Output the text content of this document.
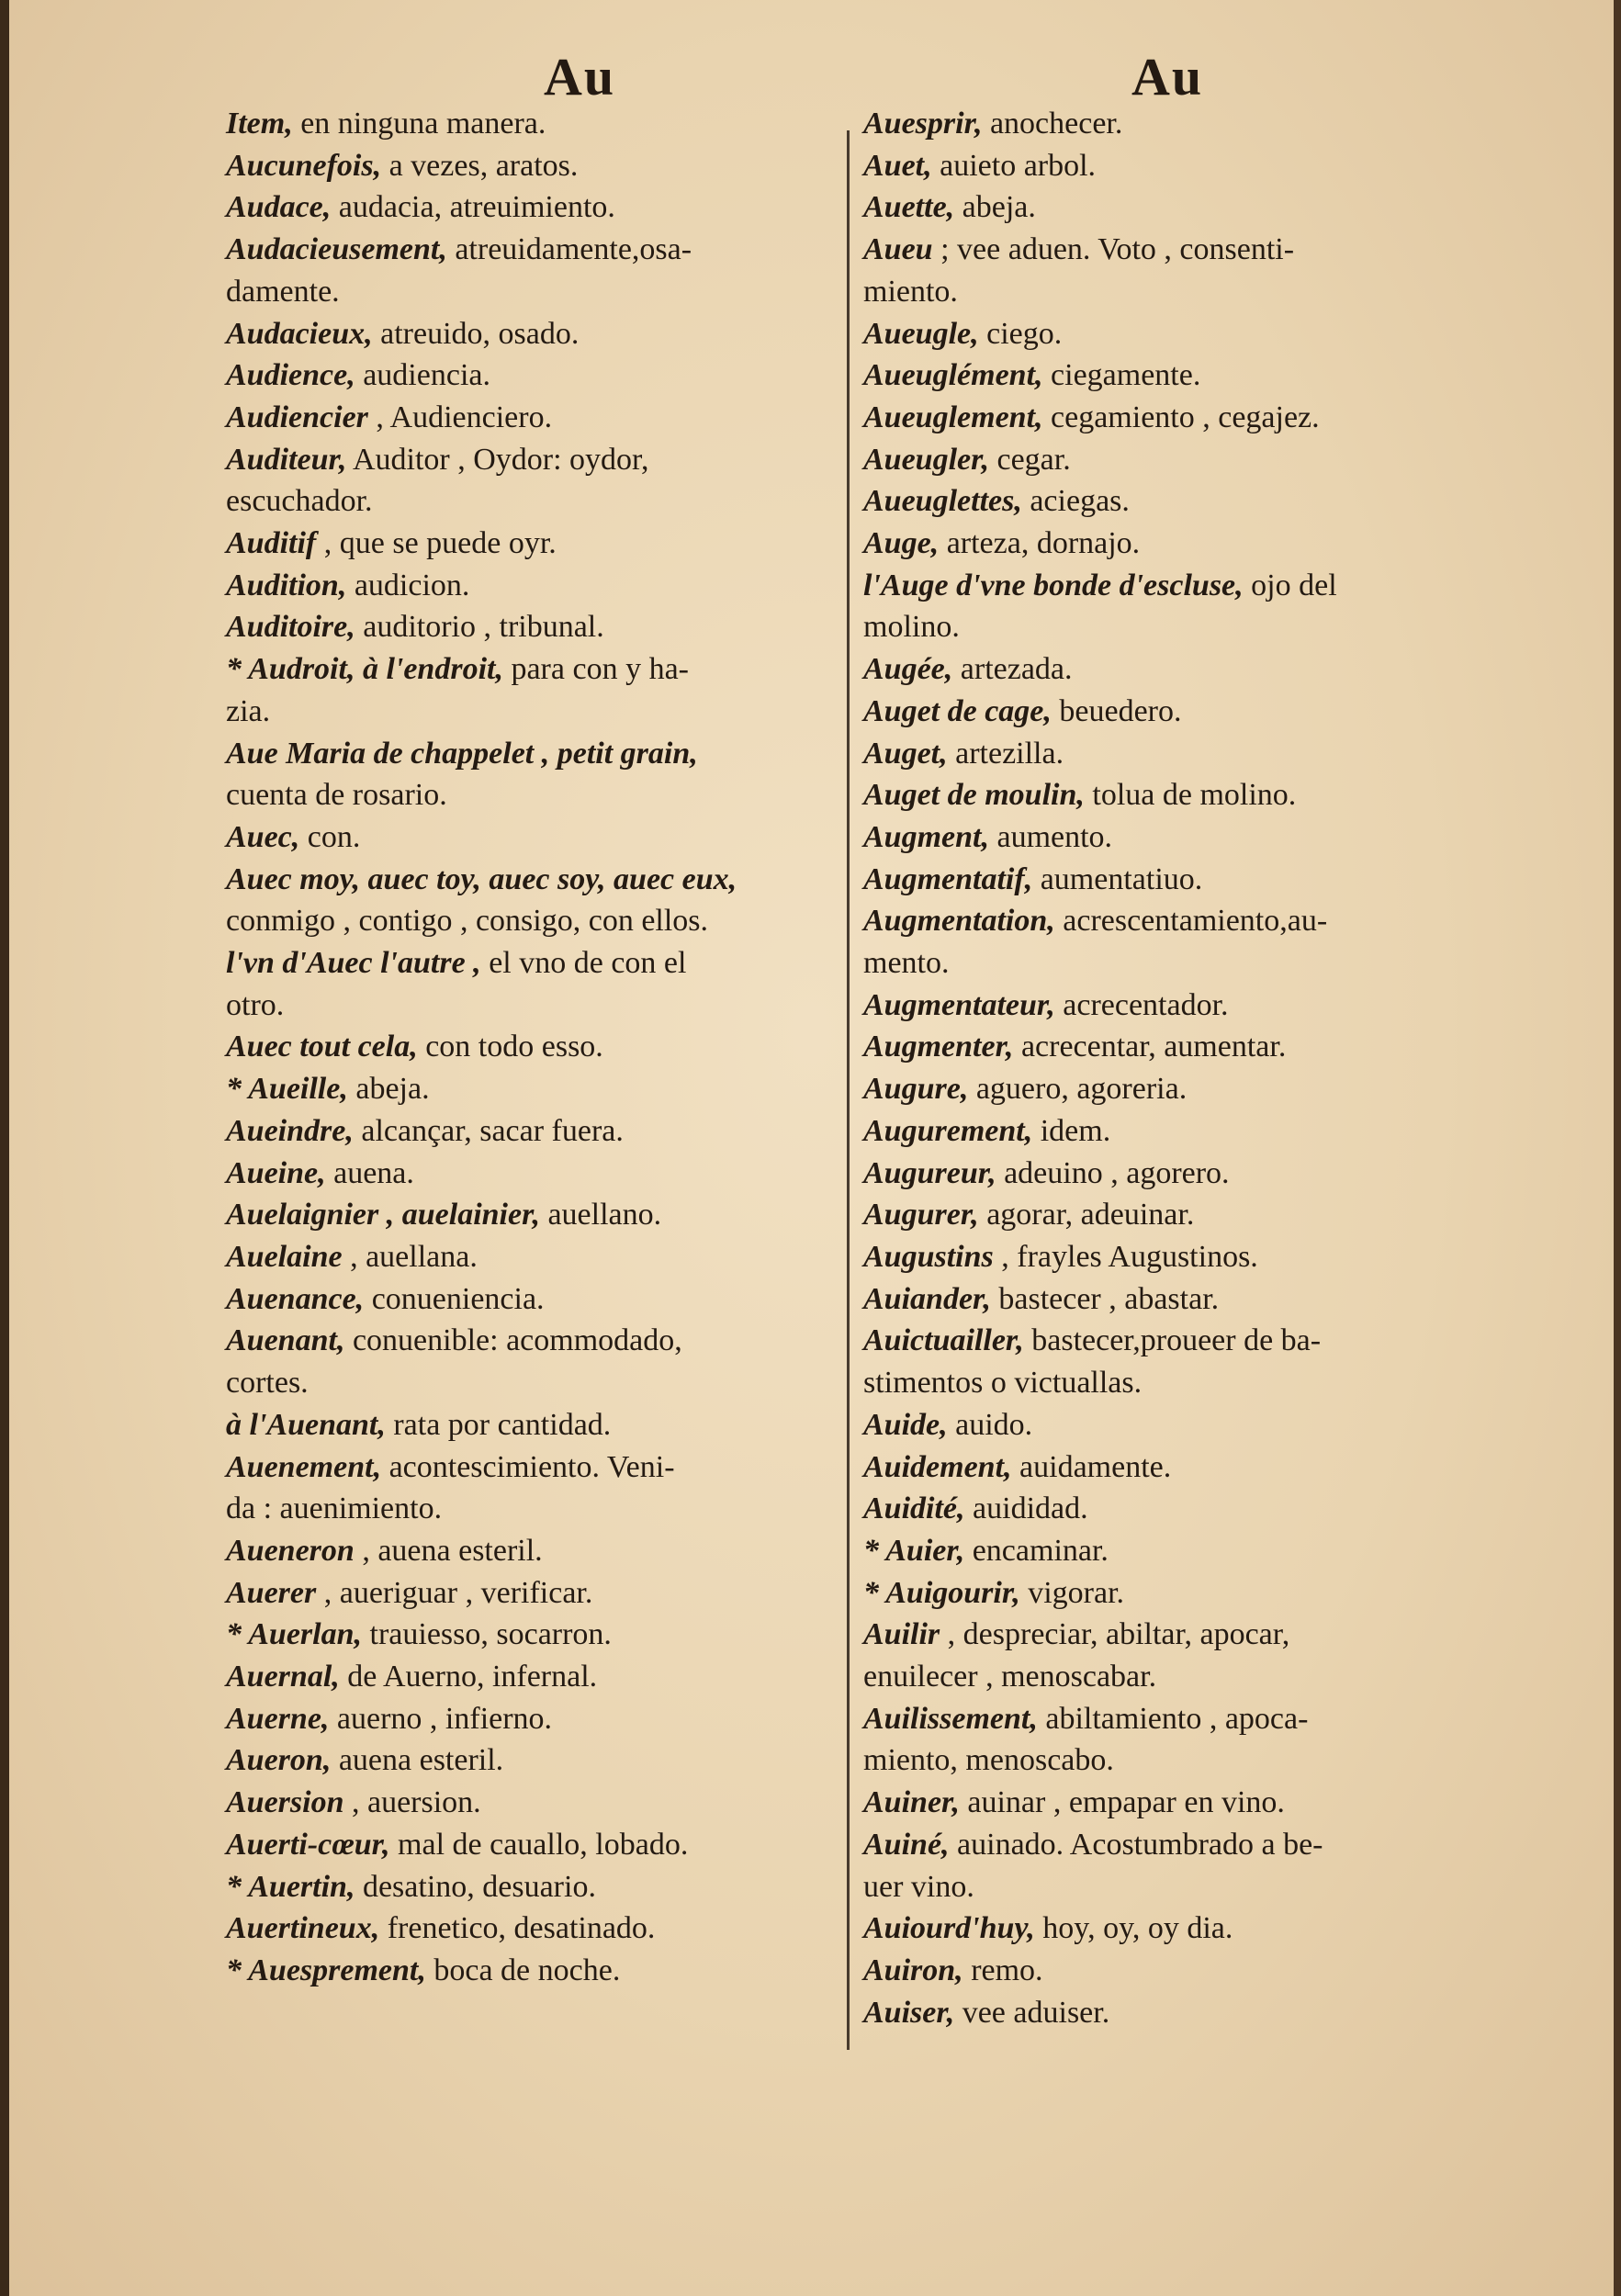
Au	Au
Item, en ninguna manera.
Aucunefois, a vezes, aratos.
Audace, audacia, atreuimiento.
Audacieusement, atreuidamente,osa-
damente.
Audacieux, atreuido, osado.
Audience, audiencia.
Audiencier , Audienciero.
Auditeur, Auditor , Oydor: oydor,
escuchador.
Auditif , que se puede oyr.
Audition, audicion.
Auditoire, auditorio , tribunal.
* Audroit, à l'endroit, para con y ha-
zia.
Aue Maria de chappelet , petit grain,
cuenta de rosario.
Auec, con.
Auec moy, auec toy, auec soy, auec eux,
conmigo , contigo , consigo, con ellos.
l'vn d'Auec l'autre , el vno de con el
otro.
Auec tout cela, con todo esso.
* Aueille, abeja.
Aueindre, alcançar, sacar fuera.
Aueine, auena.
Auelaignier , auelainier, auellano.
Auelaine , auellana.
Auenance, conueniencia.
Auenant, conuenible: acommodado,
cortes.
à l'Auenant, rata por cantidad.
Auenement, acontescimiento. Veni-
da : auenimiento.
Aueneron , auena esteril.
Auerer , aueriguar , verificar.
* Auerlan, trauiesso, socarron.
Auernal, de Auerno, infernal.
Auerne, auerno , infierno.
Aueron, auena esteril.
Auersion , auersion.
Auerti-cœur, mal de cauallo, lobado.
* Auertin, desatino, desuario.
Auertineux, frenetico, desatinado.
* Auesprement, boca de noche.
Auesprir, anochecer.
Auet, auieto arbol.
Auette, abeja.
Aueu ; vee aduen. Voto , consenti-
miento.
Aueugle, ciego.
Aueuglément, ciegamente.
Aueuglement, cegamiento , cegajez.
Aueugler, cegar.
Aueuglettes, aciegas.
Auge, arteza, dornajo.
l'Auge d'vne bonde d'escluse, ojo del
molino.
Augée, artezada.
Auget de cage, beuedero.
Auget, artezilla.
Auget de moulin, tolua de molino.
Augment, aumento.
Augmentatif, aumentatiuo.
Augmentation, acrescentamiento,au-
mento.
Augmentateur, acrecentador.
Augmenter, acrecentar, aumentar.
Augure, aguero, agoreria.
Augurement, idem.
Augureur, adeuino , agorero.
Augurer, agorar, adeuinar.
Augustins , frayles Augustinos.
Auiander, bastecer , abastar.
Auictuailler, bastecer,proueer de ba-
stimentos o victuallas.
Auide, auido.
Auidement, auidamente.
Auidité, auididad.
* Auier, encaminar.
* Auigourir, vigorar.
Auilir , despreciar, abiltar, apocar,
enuilecer , menoscabar.
Auilissement, abiltamiento , apoca-
miento, menoscabo.
Auiner, auinar , empapar en vino.
Auiné, auinado. Acostumbrado a be-
uer vino.
Auiourd'huy, hoy, oy, oy dia.
Auiron, remo.
Auiser, vee aduiser.
